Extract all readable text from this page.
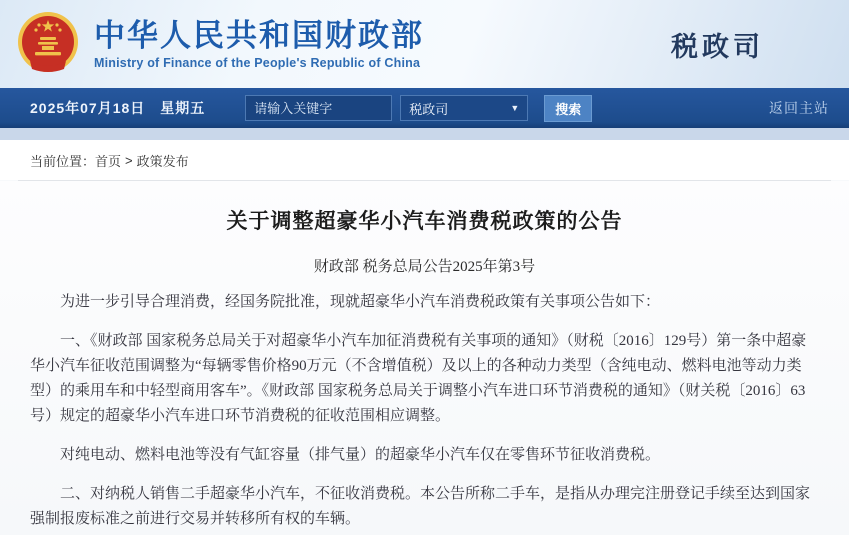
中华人民共和国财政部
Ministry of Finance of the People's Republic of China
税政司
2025年07月18日　星期五
请输入关键字	税政司	▼	搜索	返回主站
当前位置： 首页 > 政策发布
关于调整超豪华小汽车消费税政策的公告
财政部 税务总局公告2025年第3号

为进一步引导合理消费，经国务院批准，现就超豪华小汽车消费税政策有关事项公告如下：

一、《财政部 国家税务总局关于对超豪华小汽车加征消费税有关事项的通知》（财税〔2016〕129号）第一条中超豪华小汽车征收范围调整为“每辆零售价格90万元（不含增值税）及以上的各种动力类型（含纯电动、燃料电池等动力类型）的乘用车和中轻型商用客车”。《财政部 国家税务总局关于调整小汽车进口环节消费税的通知》（财关税〔2016〕63号）规定的超豪华小汽车进口环节消费税的征收范围相应调整。

对纯电动、燃料电池等没有气缸容量（排气量）的超豪华小汽车仅在零售环节征收消费税。

二、对纳税人销售二手超豪华小汽车，不征收消费税。本公告所称二手车，是指从办理完注册登记手续至达到国家强制报废标准之前进行交易并转移所有权的车辆。
